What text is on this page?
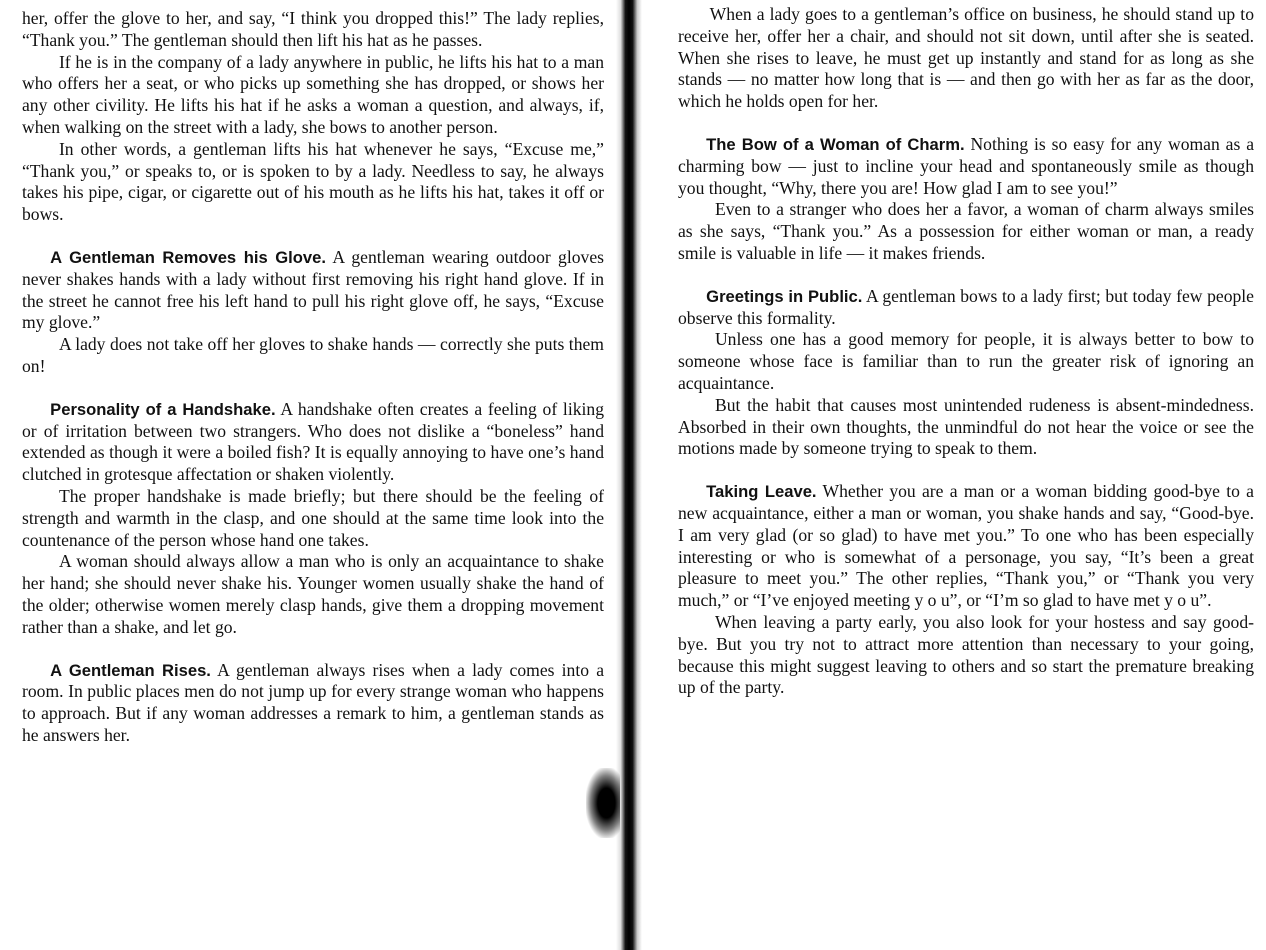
her, offer the glove to her, and say, “I think you dropped this!” The lady replies, “Thank you.” The gentleman should then lift his hat as he passes.

If he is in the company of a lady anywhere in public, he lifts his hat to a man who offers her a seat, or who picks up something she has dropped, or shows her any other civility. He lifts his hat if he asks a woman a question, and always, if, when walking on the street with a lady, she bows to another person.

In other words, a gentleman lifts his hat whenever he says, “Excuse me,” “Thank you,” or speaks to, or is spoken to by a lady. Needless to say, he always takes his pipe, cigar, or cigarette out of his mouth as he lifts his hat, takes it off or bows.

A Gentleman Removes his Glove. A gentleman wearing outdoor gloves never shakes hands with a lady without first removing his right hand glove. If in the street he cannot free his left hand to pull his right glove off, he says, “Excuse my glove.”

A lady does not take off her gloves to shake hands — correctly she puts them on!

Personality of a Handshake. A handshake often creates a feeling of liking or of irritation between two strangers. Who does not dislike a “boneless” hand extended as though it were a boiled fish? It is equally annoying to have one’s hand clutched in grotesque affectation or shaken violently.

The proper handshake is made briefly; but there should be the feeling of strength and warmth in the clasp, and one should at the same time look into the countenance of the person whose hand one takes.

A woman should always allow a man who is only an acquaintance to shake her hand; she should never shake his. Younger women usually shake the hand of the older; otherwise women merely clasp hands, give them a dropping movement rather than a shake, and let go.

A Gentleman Rises. A gentleman always rises when a lady comes into a room. In public places men do not jump up for every strange woman who happens to approach. But if any woman addresses a remark to him, a gentleman stands as he answers her.

When a lady goes to a gentleman’s office on business, he should stand up to receive her, offer her a chair, and should not sit down, until after she is seated. When she rises to leave, he must get up instantly and stand for as long as she stands — no matter how long that is — and then go with her as far as the door, which he holds open for her.

The Bow of a Woman of Charm. Nothing is so easy for any woman as a charming bow — just to incline your head and spontaneously smile as though you thought, “Why, there you are! How glad I am to see you!”

Even to a stranger who does her a favor, a woman of charm always smiles as she says, “Thank you.” As a possession for either woman or man, a ready smile is valuable in life — it makes friends.

Greetings in Public. A gentleman bows to a lady first; but today few people observe this formality.

Unless one has a good memory for people, it is always better to bow to someone whose face is familiar than to run the greater risk of ignoring an acquaintance.

But the habit that causes most unintended rudeness is absent-mindedness. Absorbed in their own thoughts, the unmindful do not hear the voice or see the motions made by someone trying to speak to them.

Taking Leave. Whether you are a man or a woman bidding good-bye to a new acquaintance, either a man or woman, you shake hands and say, “Good-bye. I am very glad (or so glad) to have met you.” To one who has been especially interesting or who is somewhat of a personage, you say, “It’s been a great pleasure to meet you.” The other replies, “Thank you,” or “Thank you very much,” or “I’ve enjoyed meeting y o u”, or “I’m so glad to have met y o u”.

When leaving a party early, you also look for your hostess and say good-bye. But you try not to attract more attention than necessary to your going, because this might suggest leaving to others and so start the premature breaking up of the party.
